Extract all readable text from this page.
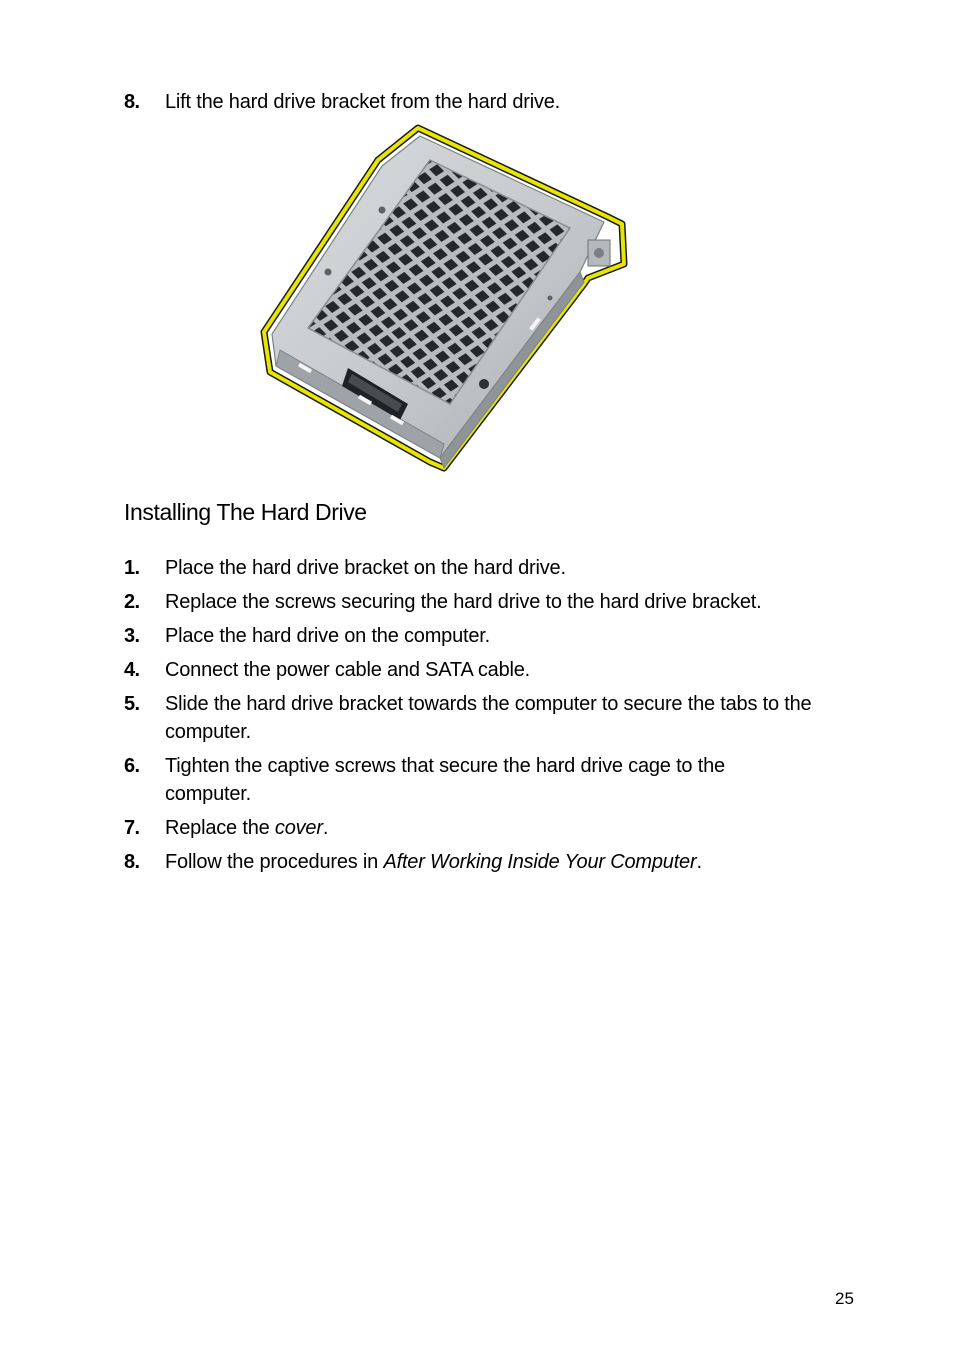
8. Lift the hard drive bracket from the hard drive.
Installing The Hard Drive
1. Place the hard drive bracket on the hard drive.
2. Replace the screws securing the hard drive to the hard drive bracket.
3. Place the hard drive on the computer.
4. Connect the power cable and SATA cable.
5. Slide the hard drive bracket towards the computer to secure the tabs to the computer.
6. Tighten the captive screws that secure the hard drive cage to the computer.
7. Replace the cover.
8. Follow the procedures in After Working Inside Your Computer.
25
